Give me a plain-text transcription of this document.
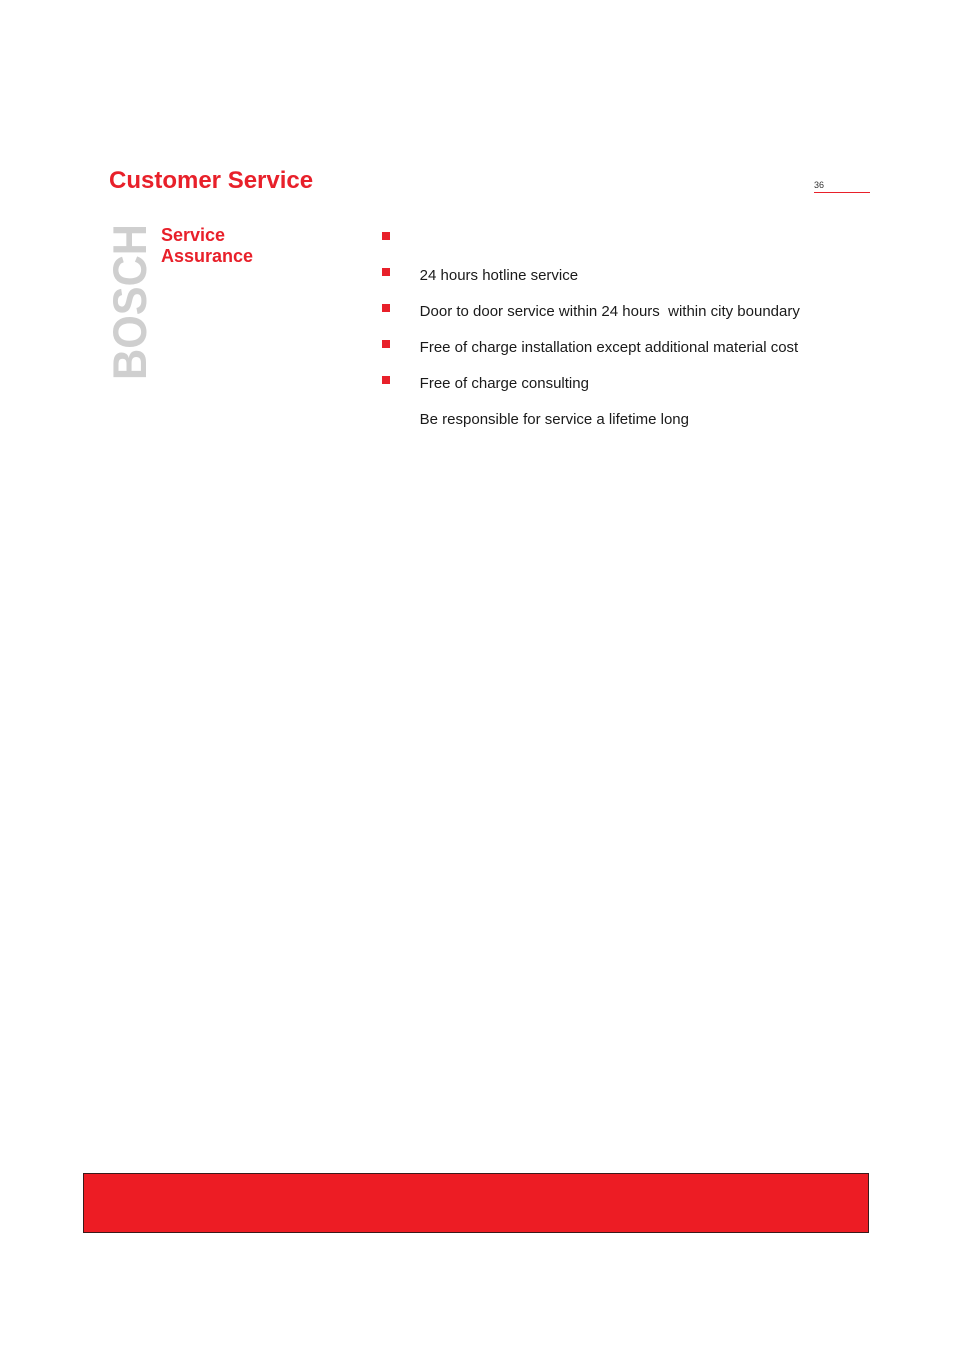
Customer Service	36
BOSCH Service
Assurance

24 hours hotline service

Door to door service within 24 hours  within city boundary

Free of charge installation except additional material cost

Free of charge consulting

Be responsible for service a lifetime long
